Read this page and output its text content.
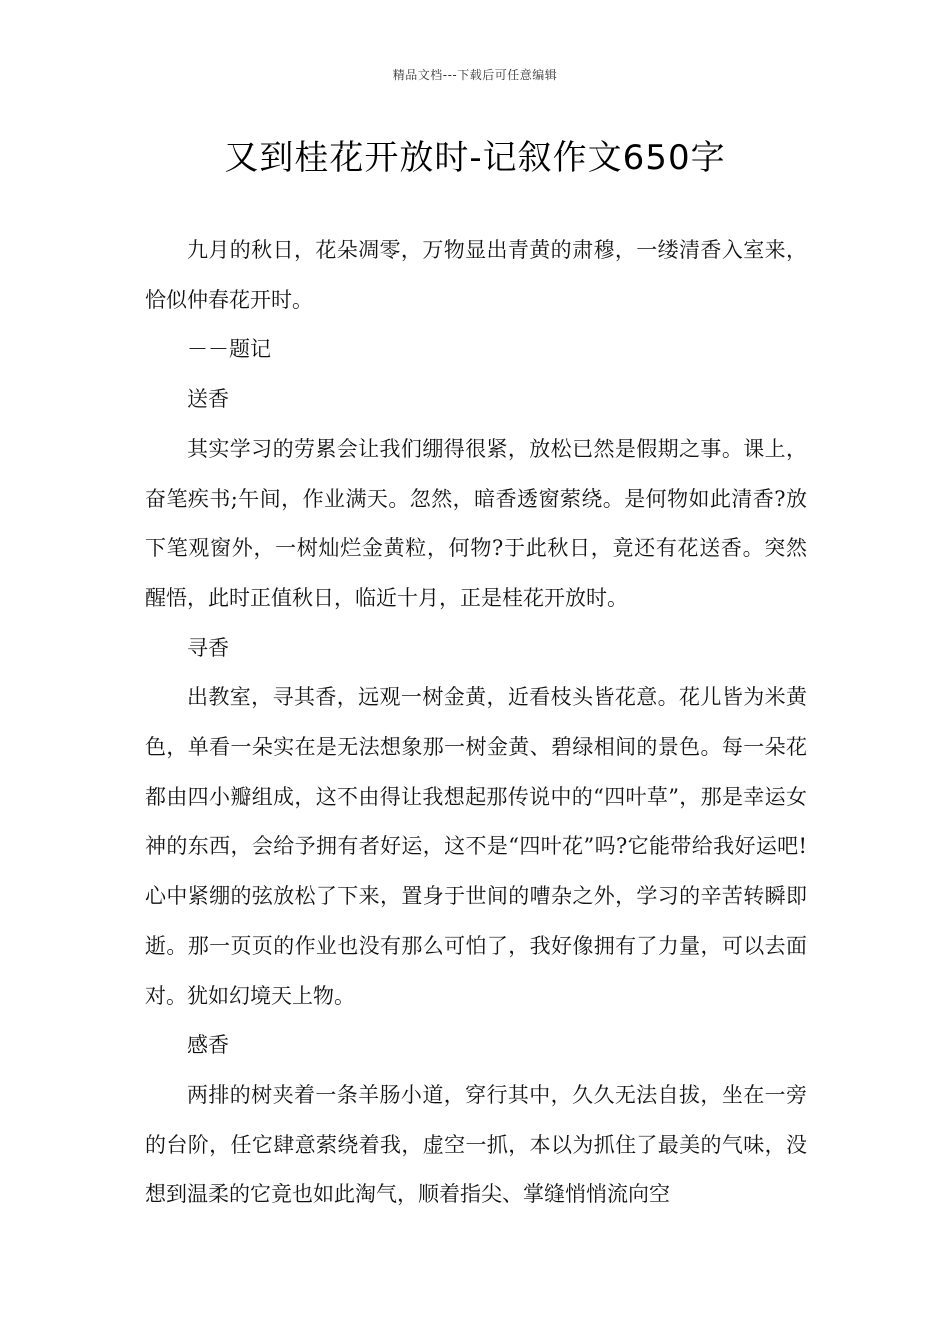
精品文档---下载后可任意编辑
又到桂花开放时-记叙作文650字

九月的秋日，花朵凋零，万物显出青黄的肃穆，一缕清香入室来，恰似仲春花开时。

－－题记

送香

其实学习的劳累会让我们绷得很紧，放松已然是假期之事。课上，奋笔疾书;午间，作业满天。忽然，暗香透窗萦绕。是何物如此清香?放下笔观窗外，一树灿烂金黄粒，何物?于此秋日，竟还有花送香。突然醒悟，此时正值秋日，临近十月，正是桂花开放时。

寻香

出教室，寻其香，远观一树金黄，近看枝头皆花意。花儿皆为米黄色，单看一朵实在是无法想象那一树金黄、碧绿相间的景色。每一朵花都由四小瓣组成，这不由得让我想起那传说中的“四叶草”，那是幸运女神的东西，会给予拥有者好运，这不是“四叶花”吗?它能带给我好运吧!心中紧绷的弦放松了下来，置身于世间的嘈杂之外，学习的辛苦转瞬即逝。那一页页的作业也没有那么可怕了，我好像拥有了力量，可以去面对。犹如幻境天上物。

感香

两排的树夹着一条羊肠小道，穿行其中，久久无法自拔，坐在一旁的台阶，任它肆意萦绕着我，虚空一抓，本以为抓住了最美的气味，没想到温柔的它竟也如此淘气，顺着指尖、掌缝悄悄流向空
